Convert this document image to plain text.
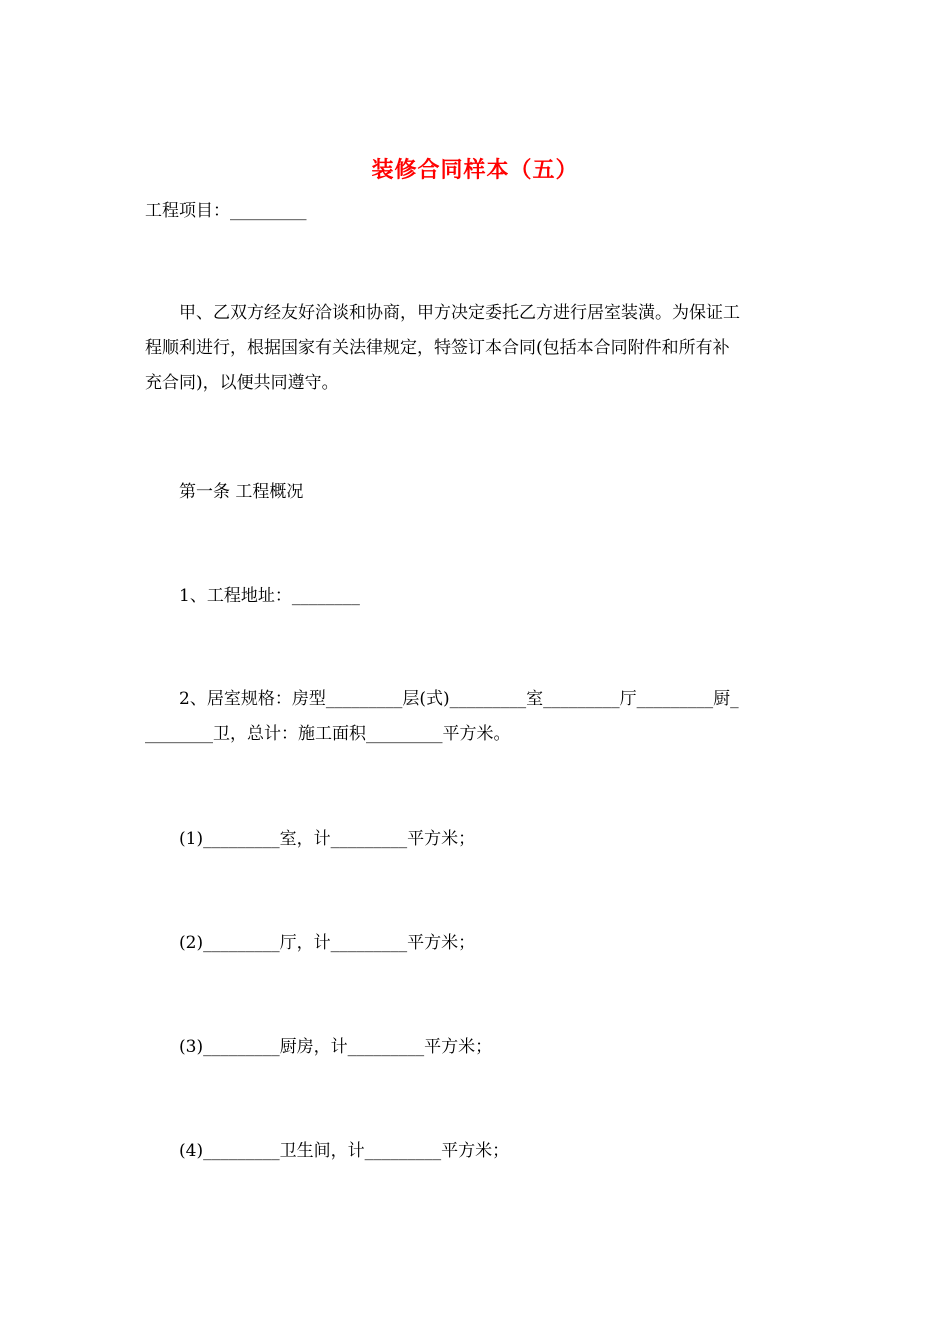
装修合同样本（五）
工程项目：_________
　　甲、乙双方经友好洽谈和协商，甲方决定委托乙方进行居室装潢。为保证工
程顺利进行，根据国家有关法律规定，特签订本合同(包括本合同附件和所有补
充合同)，以便共同遵守。
　　第一条 工程概况
　　1、工程地址：________
　　2、居室规格：房型_________层(式)_________室_________厅_________厨_
________卫，总计：施工面积_________平方米。
　　(1)_________室，计_________平方米；
　　(2)_________厅，计_________平方米；
　　(3)_________厨房，计_________平方米；
　　(4)_________卫生间，计_________平方米；
